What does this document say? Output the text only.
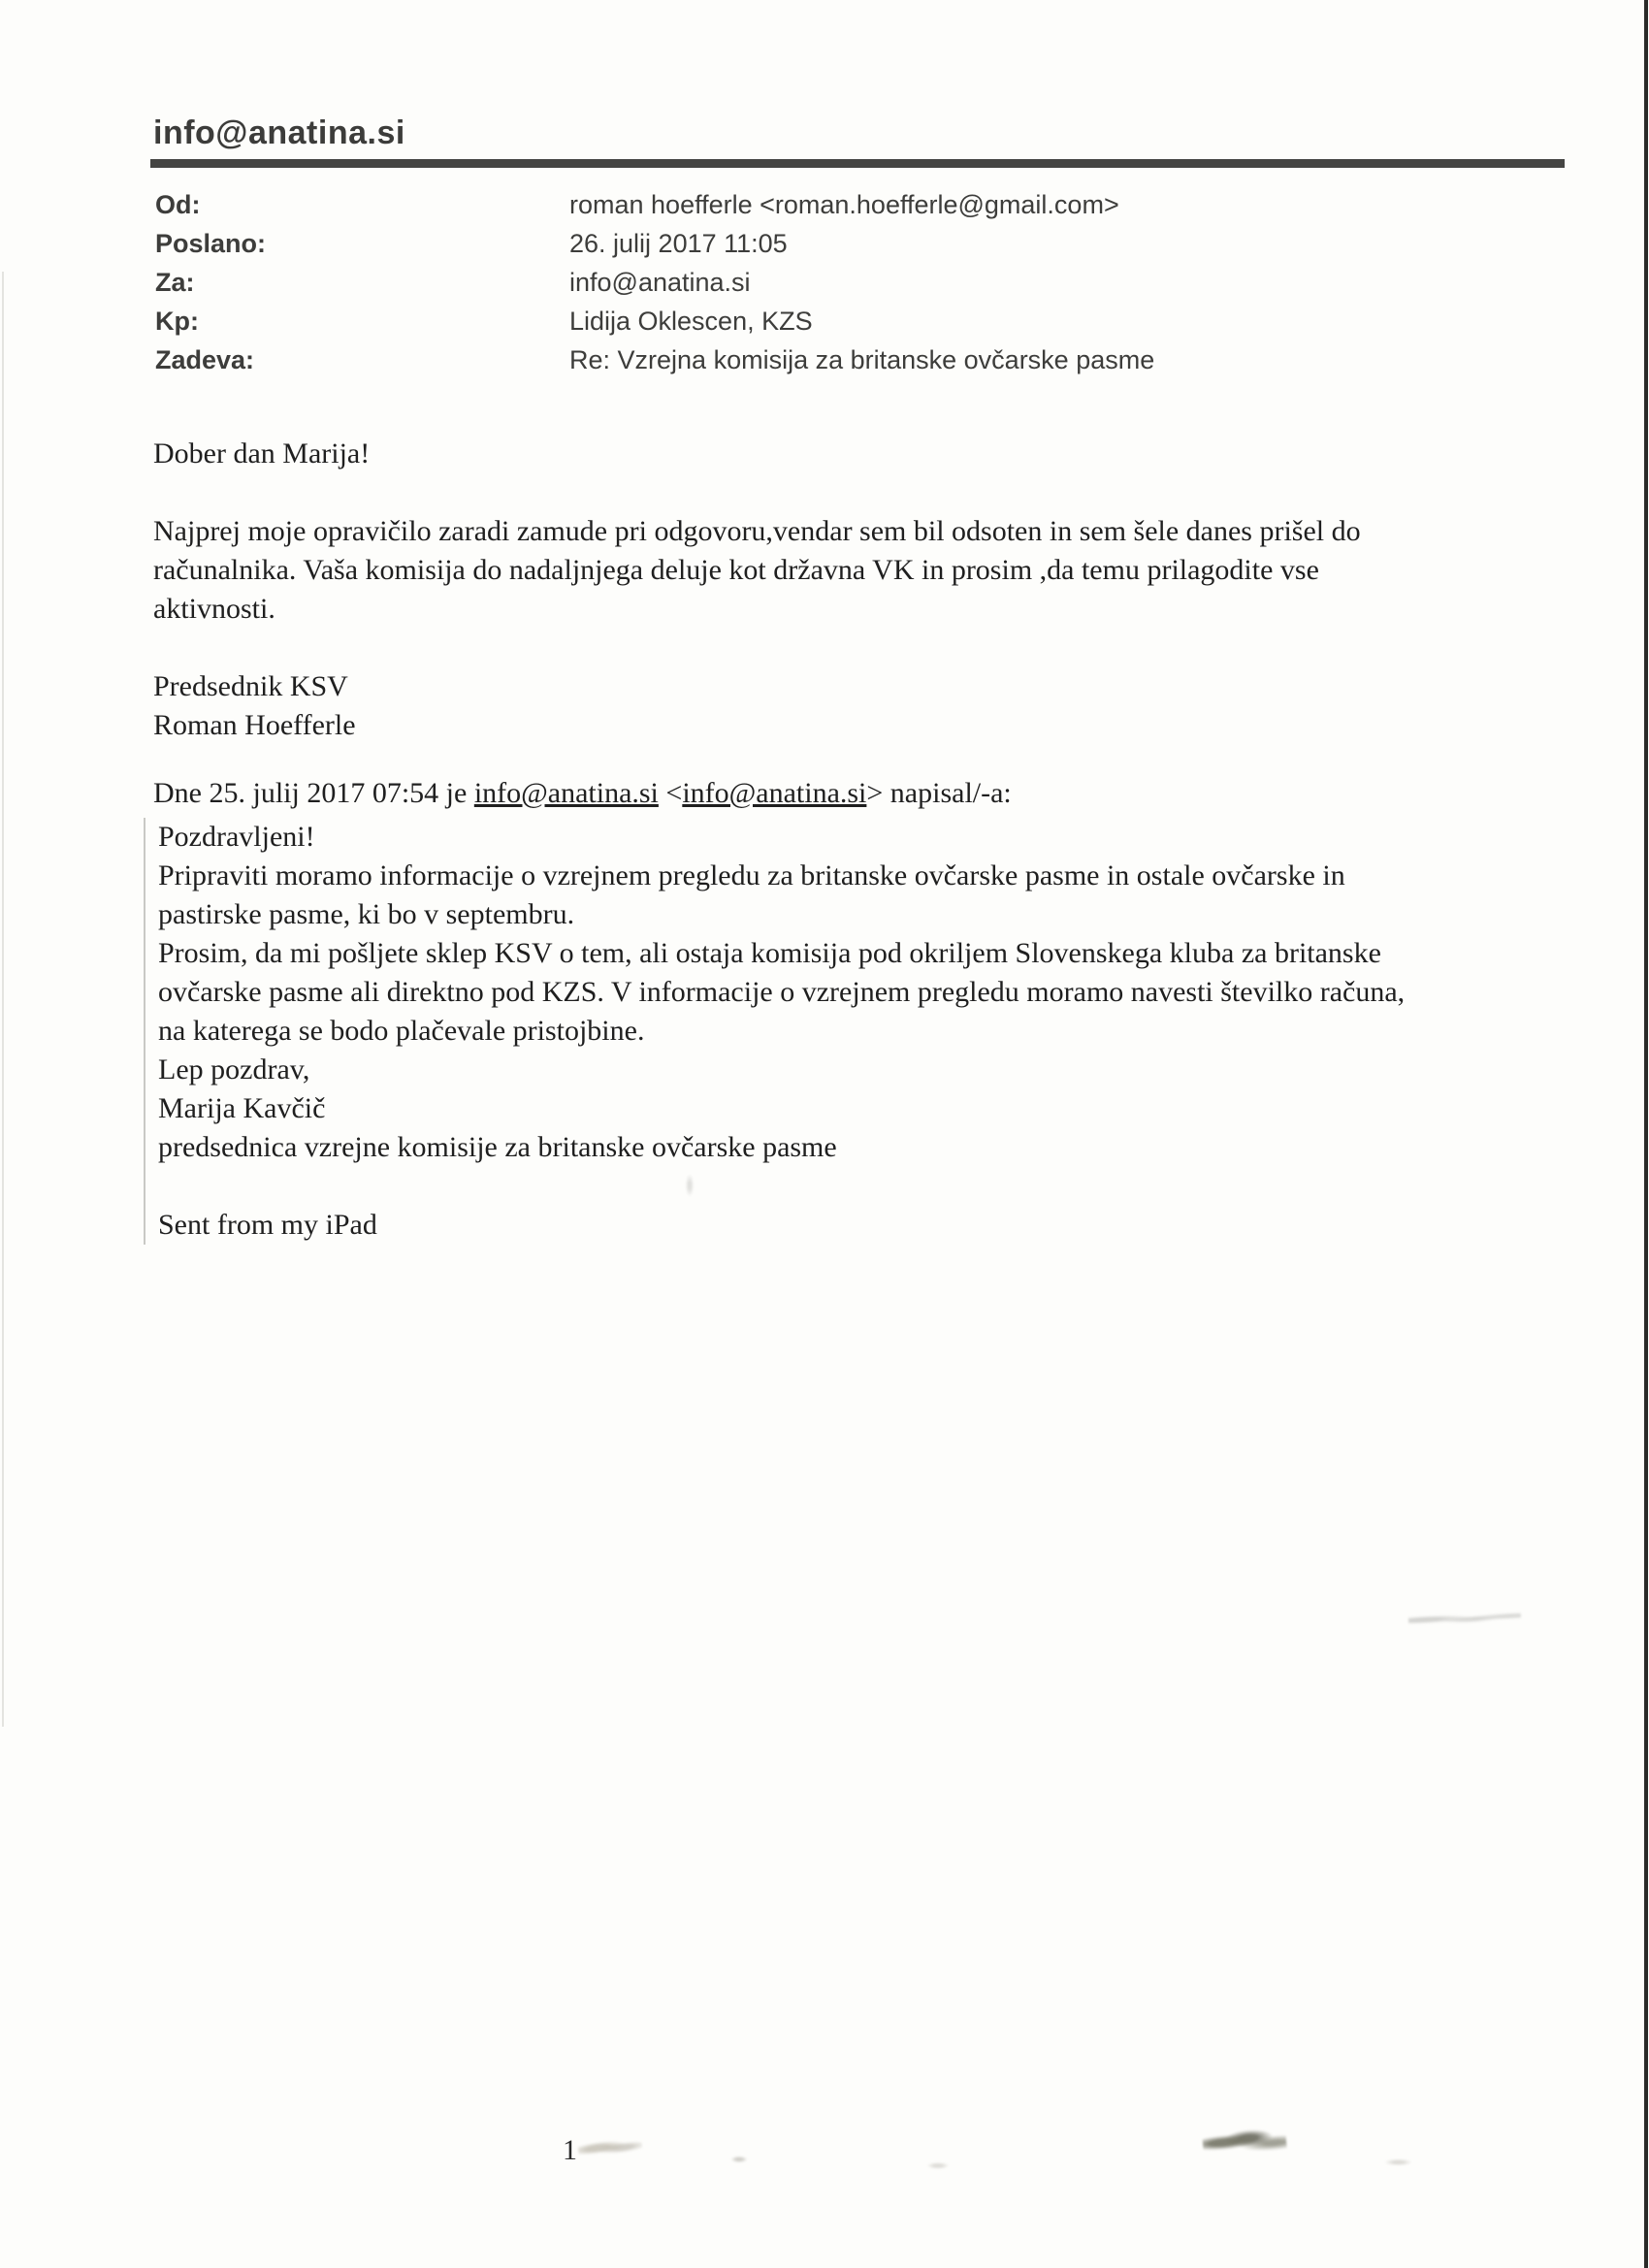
info@anatina.si
Od:	roman hoefferle <roman.hoefferle@gmail.com>
Poslano:	26. julij 2017 11:05
Za:	info@anatina.si
Kp:	Lidija Oklescen, KZS
Zadeva:	Re: Vzrejna komisija za britanske ovčarske pasme
Dober dan Marija!
Najprej moje opravičilo zaradi zamude pri odgovoru,vendar sem bil odsoten in sem šele danes prišel do
računalnika. Vaša komisija do nadaljnjega deluje kot državna VK in prosim ,da temu prilagodite vse
aktivnosti.
Predsednik KSV
Roman Hoefferle
Dne 25. julij 2017 07:54 je info@anatina.si <info@anatina.si> napisal/-a:
Pozdravljeni!
Pripraviti moramo informacije o vzrejnem pregledu za britanske ovčarske pasme in ostale ovčarske in
pastirske pasme, ki bo v septembru.
Prosim, da mi pošljete sklep KSV o tem, ali ostaja komisija pod okriljem Slovenskega kluba za britanske
ovčarske pasme ali direktno pod KZS. V informacije o vzrejnem pregledu moramo navesti številko računa,
na katerega se bodo plačevale pristojbine.
Lep pozdrav,
Marija Kavčič
predsednica vzrejne komisije za britanske ovčarske pasme

Sent from my iPad
1
